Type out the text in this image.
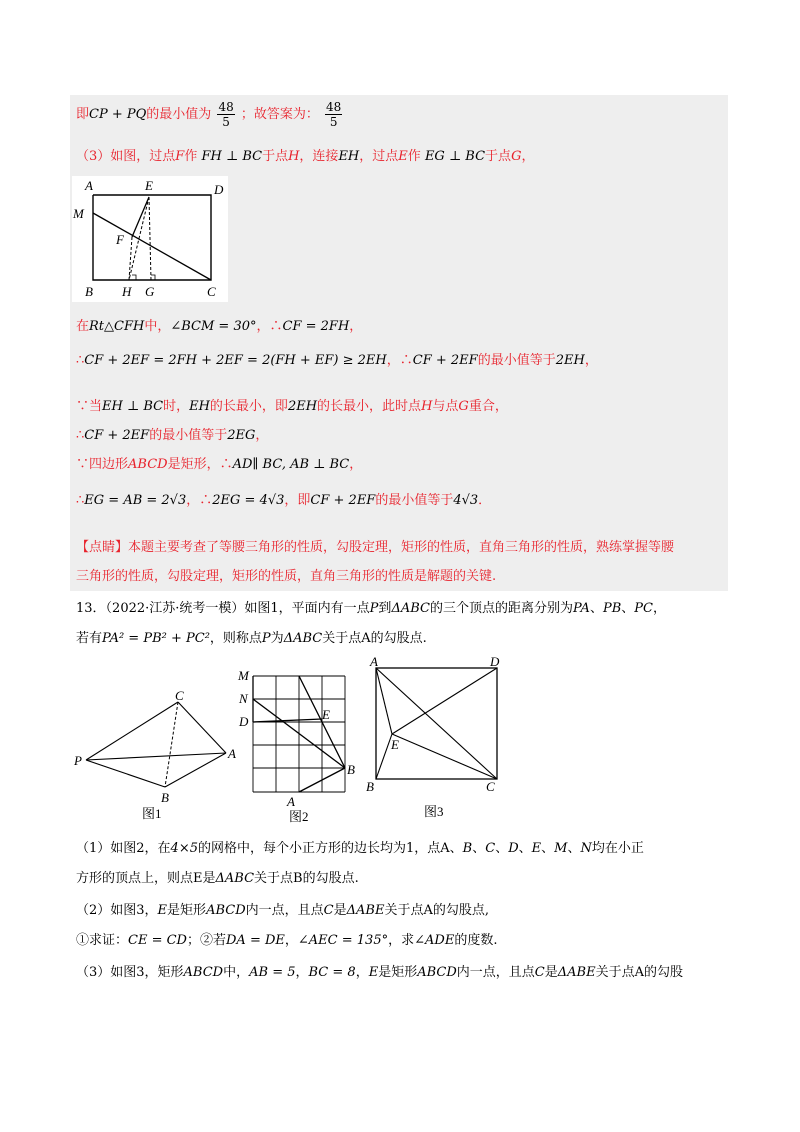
即CP + PQ的最小值为 $\frac{48}{5}$ ；故答案为： $\frac{48}{5}$
（3）如图，过点F作 FH ⊥ BC于点H，连接EH，过点E作 EG ⊥ BC于点G，
A	E	D
M
F
B H G	C
在Rt△CFH中，∠BCM = 30°，∴CF = 2FH，
∴CF + 2EF = 2FH + 2EF = 2(FH + EF) ≥ 2EH，∴CF + 2EF的最小值等于2EH，
∵当EH ⊥ BC时，EH的长最小，即2EH的长最小，此时点H与点G重合，
∴CF + 2EF的最小值等于2EG，
∵四边形ABCD是矩形，∴AD∥ BC, AB ⊥ BC，
∴EG = AB = 2√3，∴2EG = 4√3，即CF + 2EF的最小值等于4√3．
【点睛】本题主要考查了等腰三角形的性质，勾股定理，矩形的性质，直角三角形的性质，熟练掌握等腰
三角形的性质，勾股定理，矩形的性质，直角三角形的性质是解题的关键.
13．（2022·江苏·统考一模）如图1，平面内有一点P到ΔABC的三个顶点的距离分别为PA、PB、PC，
若有PA² = PB² + PC²，则称点P为ΔABC关于点A的勾股点.
C
P	A
B
图1
M
N
D	E
B
A
图2
A	D
E
B	C
图3
（1）如图2，在4×5的网格中，每个小正方形的边长均为1，点A、B、C、D、E、M、N均在小正
方形的顶点上，则点E是ΔABC关于点B的勾股点.
（2）如图3，E是矩形ABCD内一点，且点C是ΔABE关于点A的勾股点,
①求证：CE = CD；②若DA = DE，∠AEC = 135°，求∠ADE的度数.
（3）如图3，矩形ABCD中，AB = 5，BC = 8，E是矩形ABCD内一点，且点C是ΔABE关于点A的勾股
